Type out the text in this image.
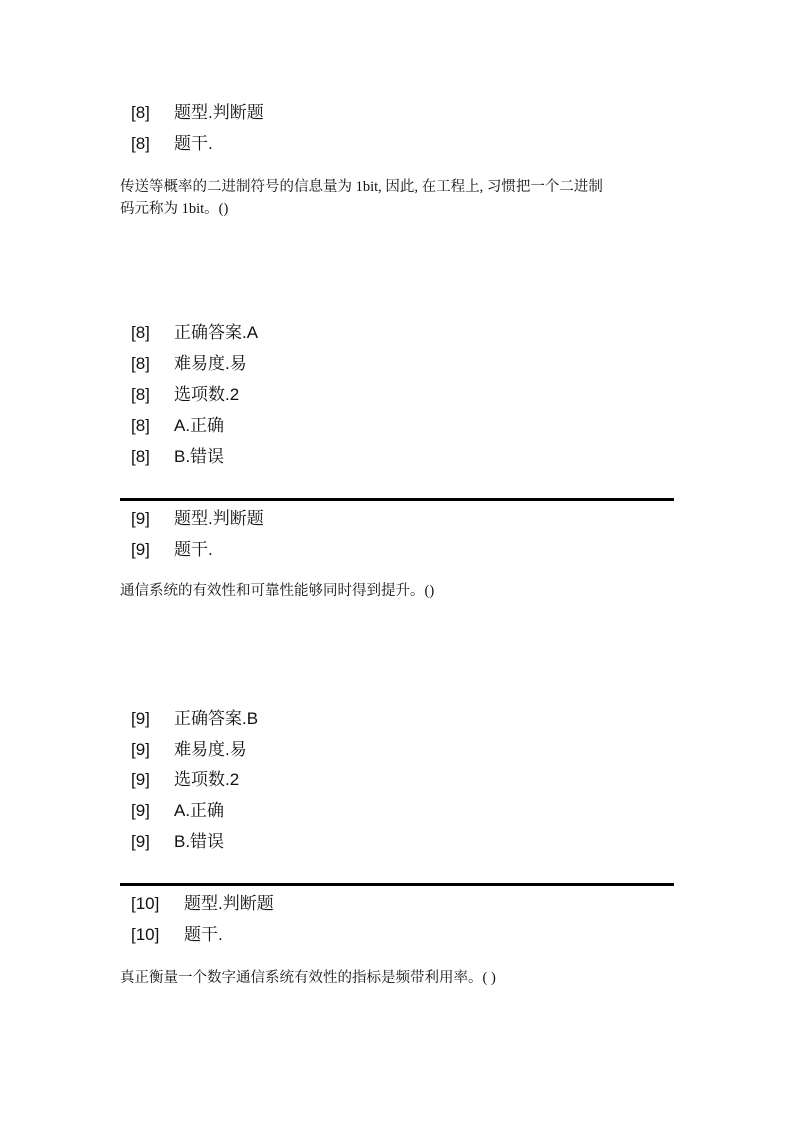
[8] 题型.判断题
[8] 题干.
传送等概率的二进制符号的信息量为 1bit, 因此, 在工程上, 习惯把一个二进制
码元称为 1bit。()
[8] 正确答案.A
[8] 难易度.易
[8] 选项数.2
[8] A.正确
[8] B.错误
[9] 题型.判断题
[9] 题干.
通信系统的有效性和可靠性能够同时得到提升。()
[9] 正确答案.B
[9] 难易度.易
[9] 选项数.2
[9] A.正确
[9] B.错误
[10] 题型.判断题
[10] 题干.
真正衡量一个数字通信系统有效性的指标是频带利用率。( )
